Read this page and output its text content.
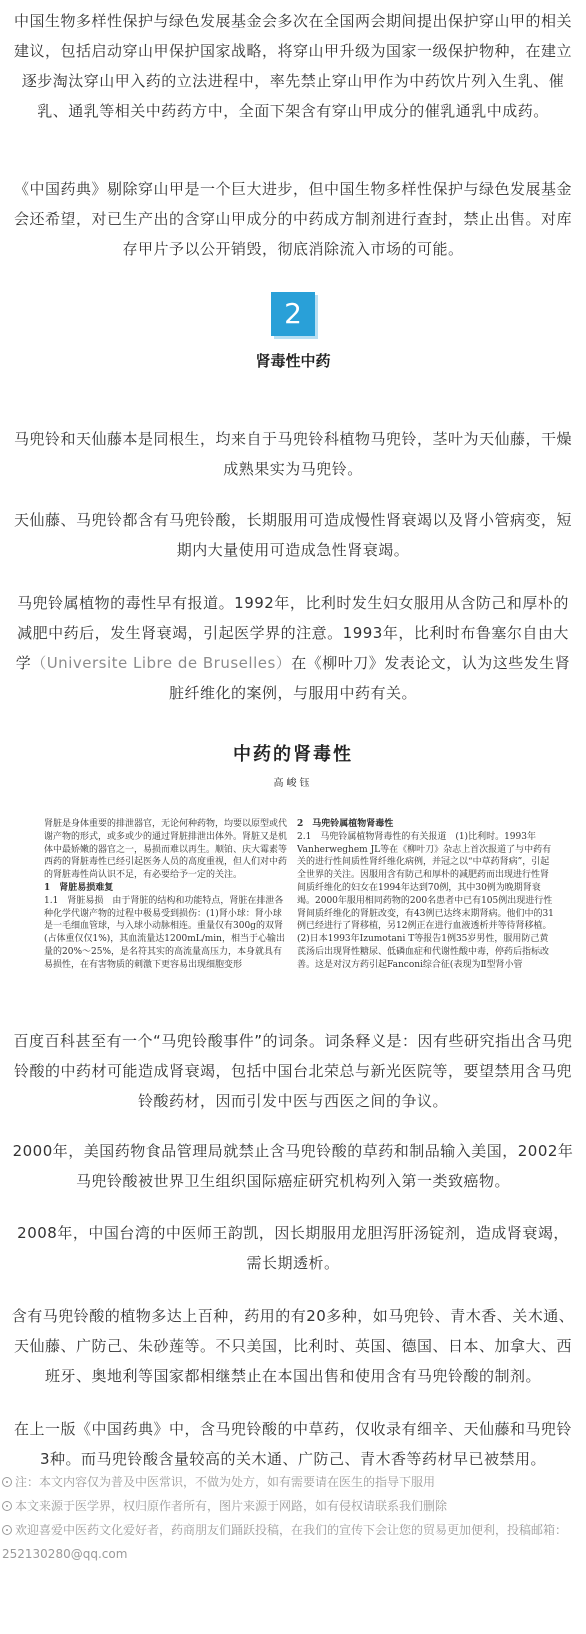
中国生物多样性保护与绿色发展基金会多次在全国两会期间提出保护穿山甲的相关建议，包括启动穿山甲保护国家战略，将穿山甲升级为国家一级保护物种，在建立逐步淘汰穿山甲入药的立法进程中，率先禁止穿山甲作为中药饮片列入生乳、催乳、通乳等相关中药药方中，全面下架含有穿山甲成分的催乳通乳中成药。

《中国药典》剔除穿山甲是一个巨大进步，但中国生物多样性保护与绿色发展基金会还希望，对已生产出的含穿山甲成分的中药成方制剂进行查封，禁止出售。对库存甲片予以公开销毁，彻底消除流入市场的可能。

2
肾毒性中药

马兜铃和天仙藤本是同根生，均来自于马兜铃科植物马兜铃，茎叶为天仙藤，干燥成熟果实为马兜铃。

天仙藤、马兜铃都含有马兜铃酸，长期服用可造成慢性肾衰竭以及肾小管病变，短期内大量使用可造成急性肾衰竭。

马兜铃属植物的毒性早有报道。1992年，比利时发生妇女服用从含防己和厚朴的减肥中药后，发生肾衰竭，引起医学界的注意。1993年，比利时布鲁塞尔自由大学（Universite Libre de Bruselles）在《柳叶刀》发表论文，认为这些发生肾脏纤维化的案例，与服用中药有关。

中药的肾毒性
高峻钰
肾脏是身体重要的排泄器官，无论何种药物，均要以原型或代谢产物的形式，或多或少的通过肾脏排泄出体外。肾脏又是机体中最娇嫩的器官之一，易损而难以再生。顺铂、庆大霉素等西药的肾脏毒性已经引起医务人员的高度重视，但人们对中药的肾脏毒性尚认识不足，有必要给予一定的关注。
1　肾脏易损难复
1.1　肾脏易损　由于肾脏的结构和功能特点，肾脏在排泄各种化学代谢产物的过程中极易受到损伤：(1)肾小球：肾小球是一毛细血管球，与入球小动脉相连。重量仅有300g的双肾(占体重仅仅1%)，其血流量达1200mL/min，相当于心输出量的20%～25%，是名符其实的高流量高压力，本身就具有易损性，在有害物质的刺激下更容易出现细胞变形
2　马兜铃属植物肾毒性
2.1　马兜铃属植物肾毒性的有关报道　(1)比利时。1993年Vanherweghem JL等在《柳叶刀》杂志上首次报道了与中药有关的进行性间质性肾纤维化病例，并冠之以“中草药肾病”，引起全世界的关注。因服用含有防己和厚朴的减肥药而出现进行性肾间质纤维化的妇女在1994年达到70例，其中30例为晚期肾衰竭。2000年服用相同药物的200名患者中已有105例出现进行性肾间质纤维化的肾脏改变，有43例已达终末期肾病。他们中的31例已经进行了肾移植，另12例正在进行血液透析并等待肾移植。(2)日本1993年Izumotani T等报告1例35岁男性，服用防己黄芪汤后出现肾性糖尿、低磷血症和代谢性酸中毒，停药后指标改善。这是对汉方药引起Fanconi综合征(表现为Ⅱ型肾小管

百度百科甚至有一个“马兜铃酸事件”的词条。词条释义是：因有些研究指出含马兜铃酸的中药材可能造成肾衰竭，包括中国台北荣总与新光医院等，要望禁用含马兜铃酸药材，因而引发中医与西医之间的争议。

2000年，美国药物食品管理局就禁止含马兜铃酸的草药和制品输入美国，2002年马兜铃酸被世界卫生组织国际癌症研究机构列入第一类致癌物。

2008年，中国台湾的中医师王韵凯，因长期服用龙胆泻肝汤锭剂，造成肾衰竭，需长期透析。

含有马兜铃酸的植物多达上百种，药用的有20多种，如马兜铃、青木香、关木通、天仙藤、广防己、朱砂莲等。不只美国，比利时、英国、德国、日本、加拿大、西班牙、奥地利等国家都相继禁止在本国出售和使用含有马兜铃酸的制剂。

在上一版《中国药典》中，含马兜铃酸的中草药，仅收录有细辛、天仙藤和马兜铃3种。而马兜铃酸含量较高的关木通、广防己、青木香等药材早已被禁用。

注：本文内容仅为普及中医常识，不做为处方，如有需要请在医生的指导下服用
本文来源于医学界，权归原作者所有，图片来源于网路，如有侵权请联系我们删除
欢迎喜爱中医药文化爱好者，药商朋友们踊跃投稿，在我们的宣传下会让您的贸易更加便利，投稿邮箱：252130280@qq.com
